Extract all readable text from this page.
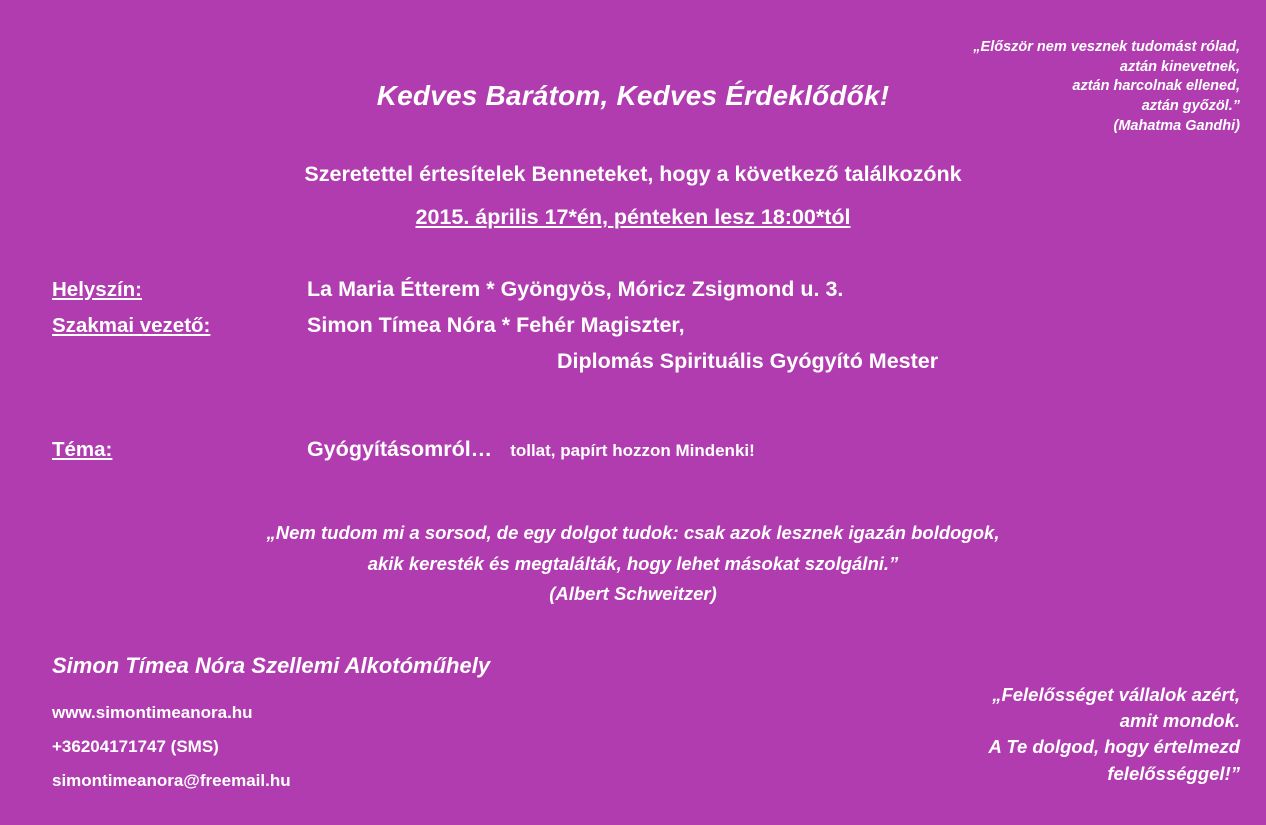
„Először nem vesznek tudomást rólad,
aztán kinevetnek,
aztán harcolnak ellened,
aztán győzöl.”
(Mahatma Gandhi)
Kedves Barátom, Kedves Érdeklődők!
Szeretettel értesítelek Benneteket, hogy a következő találkozónk
2015. április 17*én, pénteken lesz 18:00*tól
Helyszín:	La Maria Étterem * Gyöngyös, Móricz Zsigmond u. 3.
Szakmai vezető:	Simon Tímea Nóra * Fehér Magiszter,
Diplomás Spirituális Gyógyító Mester
Téma:	Gyógyításomról… tollat, papírt hozzon Mindenki!
„Nem tudom mi a sorsod, de egy dolgot tudok: csak azok lesznek igazán boldogok,
akik keresték és megtalálták, hogy lehet másokat szolgálni.”
(Albert Schweitzer)
Simon Tímea Nóra Szellemi Alkotóműhely
www.simontimeanora.hu
+36204171747 (SMS)
simontimeanora@freemail.hu
„Felelősséget vállalok azért,
amit mondok.
A Te dolgod, hogy értelmezd
felelősséggel!”
